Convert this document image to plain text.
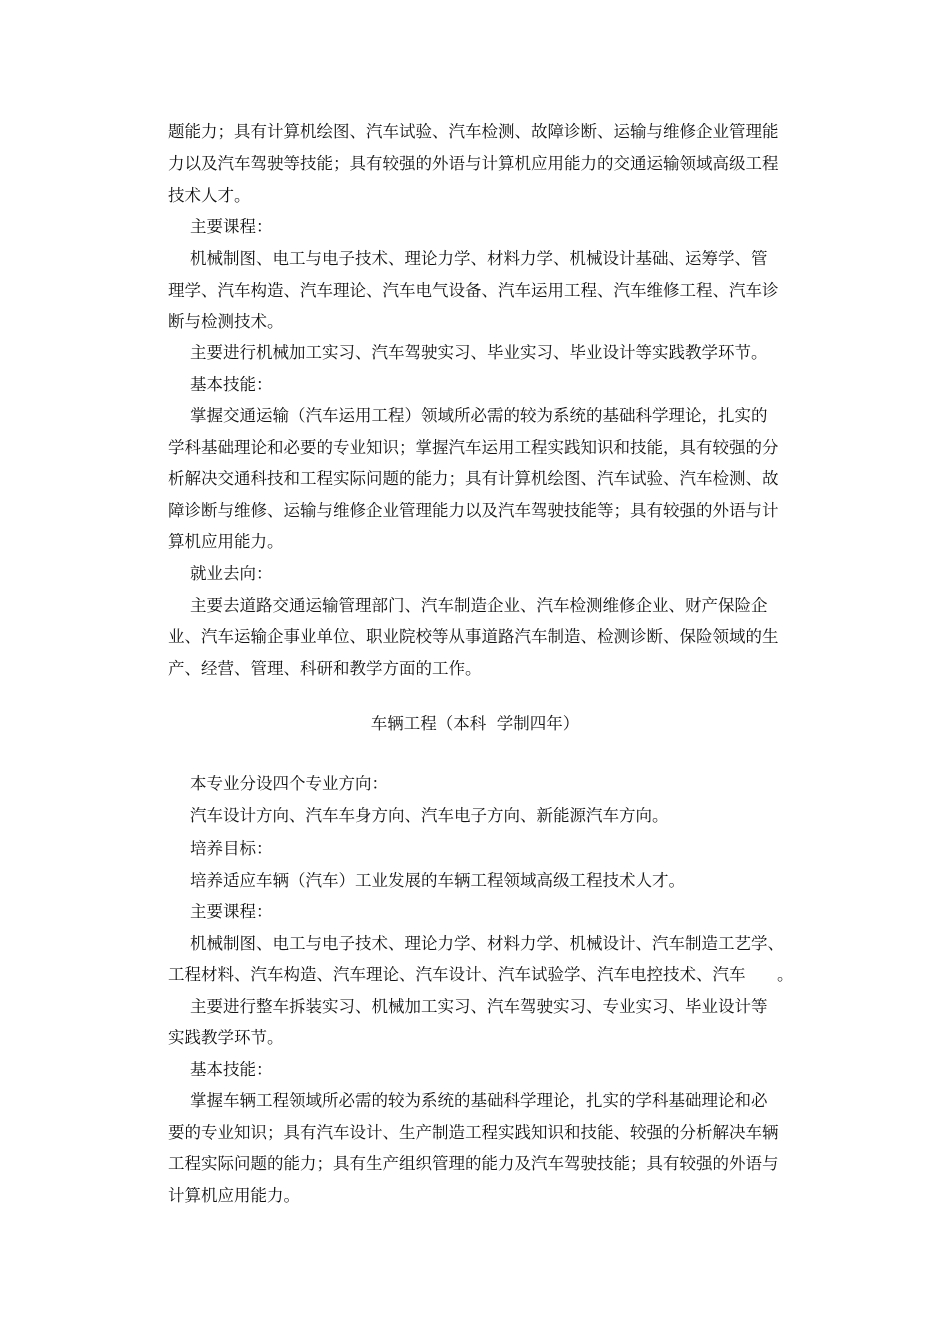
题能力；具有计算机绘图、汽车试验、汽车检测、故障诊断、运输与维修企业管理能
力以及汽车驾驶等技能；具有较强的外语与计算机应用能力的交通运输领域高级工程
技术人才。
主要课程：
机械制图、电工与电子技术、理论力学、材料力学、机械设计基础、运筹学、管
理学、汽车构造、汽车理论、汽车电气设备、汽车运用工程、汽车维修工程、汽车诊
断与检测技术。
主要进行机械加工实习、汽车驾驶实习、毕业实习、毕业设计等实践教学环节。
基本技能：
掌握交通运输（汽车运用工程）领域所必需的较为系统的基础科学理论，扎实的
学科基础理论和必要的专业知识；掌握汽车运用工程实践知识和技能，具有较强的分
析解决交通科技和工程实际问题的能力；具有计算机绘图、汽车试验、汽车检测、故
障诊断与维修、运输与维修企业管理能力以及汽车驾驶技能等；具有较强的外语与计
算机应用能力。
就业去向：
主要去道路交通运输管理部门、汽车制造企业、汽车检测维修企业、财产保险企
业、汽车运输企事业单位、职业院校等从事道路汽车制造、检测诊断、保险领域的生
产、经营、管理、科研和教学方面的工作。
车辆工程（本科  学制四年）
本专业分设四个专业方向：
汽车设计方向、汽车车身方向、汽车电子方向、新能源汽车方向。
培养目标：
培养适应车辆（汽车）工业发展的车辆工程领域高级工程技术人才。
主要课程：
机械制图、电工与电子技术、理论力学、材料力学、机械设计、汽车制造工艺学、
工程材料、汽车构造、汽车理论、汽车设计、汽车试验学、汽车电控技术、汽车      。
主要进行整车拆装实习、机械加工实习、汽车驾驶实习、专业实习、毕业设计等
实践教学环节。
基本技能：
掌握车辆工程领域所必需的较为系统的基础科学理论，扎实的学科基础理论和必
要的专业知识；具有汽车设计、生产制造工程实践知识和技能、较强的分析解决车辆
工程实际问题的能力；具有生产组织管理的能力及汽车驾驶技能；具有较强的外语与
计算机应用能力。
